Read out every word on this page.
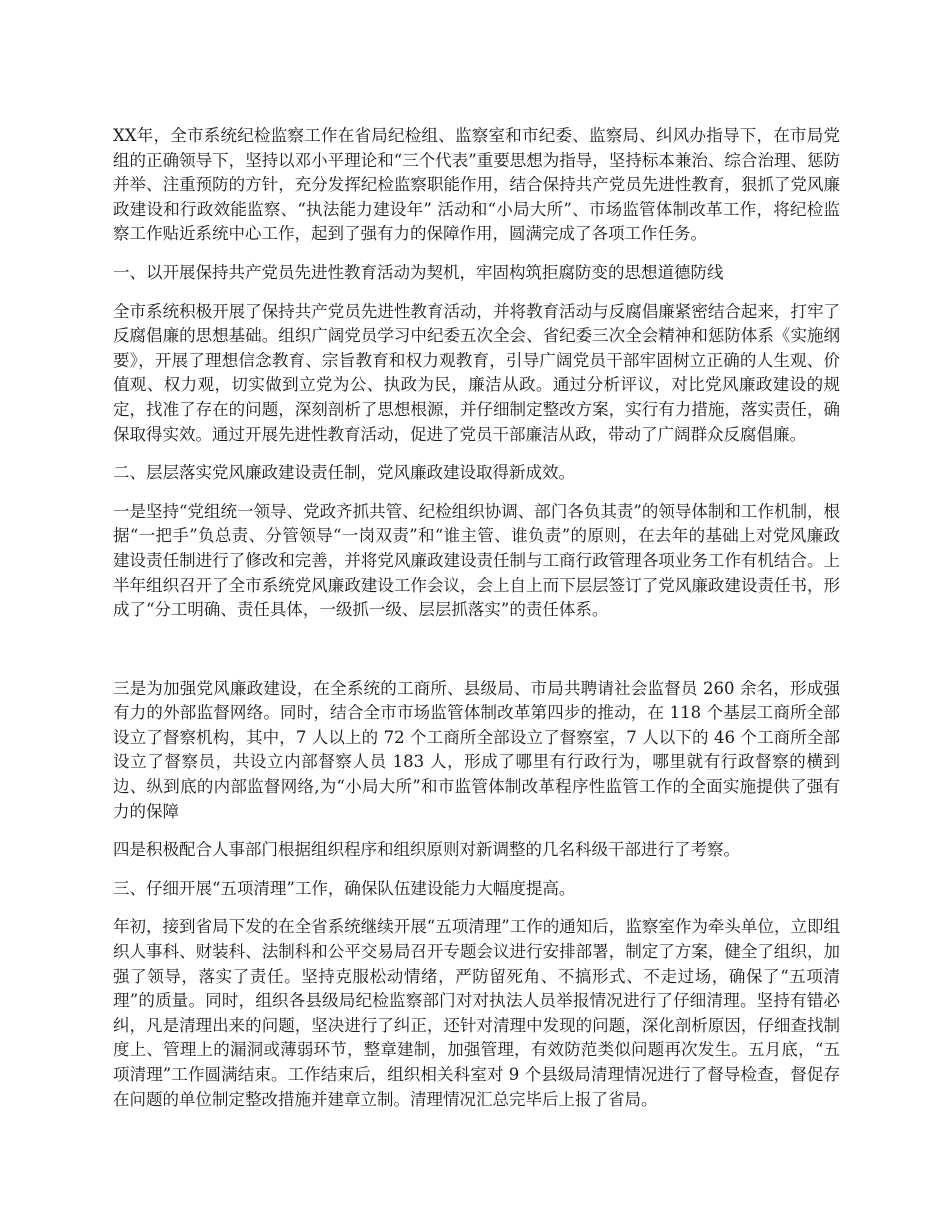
XX年，全市系统纪检监察工作在省局纪检组、监察室和市纪委、监察局、纠风办指导下，在市局党组的正确领导下，坚持以邓小平理论和“三个代表”重要思想为指导，坚持标本兼治、综合治理、惩防并举、注重预防的方针，充分发挥纪检监察职能作用，结合保持共产党员先进性教育，狠抓了党风廉政建设和行政效能监察、“执法能力建设年” 活动和“小局大所”、市场监管体制改革工作，将纪检监察工作贴近系统中心工作，起到了强有力的保障作用，圆满完成了各项工作任务。

一、以开展保持共产党员先进性教育活动为契机，牢固构筑拒腐防变的思想道德防线

全市系统积极开展了保持共产党员先进性教育活动，并将教育活动与反腐倡廉紧密结合起来，打牢了反腐倡廉的思想基础。组织广阔党员学习中纪委五次全会、省纪委三次全会精神和惩防体系《实施纲要》，开展了理想信念教育、宗旨教育和权力观教育，引导广阔党员干部牢固树立正确的人生观、价值观、权力观，切实做到立党为公、执政为民，廉洁从政。通过分析评议，对比党风廉政建设的规定，找准了存在的问题，深刻剖析了思想根源，并仔细制定整改方案，实行有力措施，落实责任，确保取得实效。通过开展先进性教育活动，促进了党员干部廉洁从政，带动了广阔群众反腐倡廉。

二、层层落实党风廉政建设责任制，党风廉政建设取得新成效。

一是坚持“党组统一领导、党政齐抓共管、纪检组织协调、部门各负其责”的领导体制和工作机制，根据“一把手”负总责、分管领导“一岗双责”和“谁主管、谁负责”的原则，在去年的基础上对党风廉政建设责任制进行了修改和完善，并将党风廉政建设责任制与工商行政管理各项业务工作有机结合。上半年组织召开了全市系统党风廉政建设工作会议，会上自上而下层层签订了党风廉政建设责任书，形成了“分工明确、责任具体，一级抓一级、层层抓落实”的责任体系。

三是为加强党风廉政建设，在全系统的工商所、县级局、市局共聘请社会监督员 260 余名，形成强有力的外部监督网络。同时，结合全市市场监管体制改革第四步的推动，在 118 个基层工商所全部设立了督察机构，其中，7 人以上的 72 个工商所全部设立了督察室，7 人以下的 46 个工商所全部设立了督察员，共设立内部督察人员 183 人，形成了哪里有行政行为，哪里就有行政督察的横到边、纵到底的内部监督网络,为“小局大所”和市监管体制改革程序性监管工作的全面实施提供了强有力的保障

四是积极配合人事部门根据组织程序和组织原则对新调整的几名科级干部进行了考察。

三、仔细开展“五项清理”工作，确保队伍建设能力大幅度提高。

年初，接到省局下发的在全省系统继续开展“五项清理”工作的通知后，监察室作为牵头单位，立即组织人事科、财装科、法制科和公平交易局召开专题会议进行安排部署，制定了方案，健全了组织，加强了领导，落实了责任。坚持克服松动情绪，严防留死角、不搞形式、不走过场，确保了“五项清理”的质量。同时，组织各县级局纪检监察部门对对执法人员举报情况进行了仔细清理。坚持有错必纠，凡是清理出来的问题，坚决进行了纠正，还针对清理中发现的问题，深化剖析原因，仔细查找制度上、管理上的漏洞或薄弱环节，整章建制，加强管理，有效防范类似问题再次发生。五月底，“五项清理”工作圆满结束。工作结束后，组织相关科室对 9 个县级局清理情况进行了督导检查，督促存在问题的单位制定整改措施并建章立制。清理情况汇总完毕后上报了省局。
